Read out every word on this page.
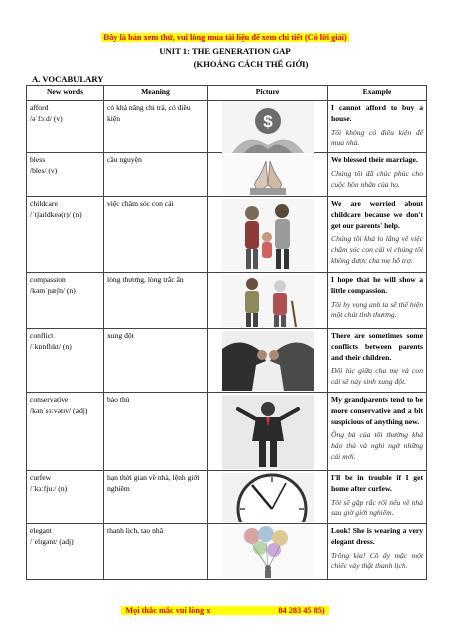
Đây là bản xem thử, vui lòng mua tài liệu để xem chi tiết (Có lời giải)
UNIT 1: THE GENERATION GAP
(KHOẢNG CÁCH THẾ GIỚI)
A. VOCABULARY
New words	Meaning	Picture	Example
afford
/əˈfɔːd/ (v)	có khả năng chi trả, có điều kiện	$	I cannot afford to buy a house.
Tôi không có điều kiện để mua nhà.

bless
/bles/ (v)	cầu nguyện		We blessed their marriage.
Chúng tôi đã chúc phúc cho cuộc hôn nhân của họ.

childcare
/ˈtʃaɪldkeə(r)/ (n)	việc chăm sóc con cái		We are worried about childcare because we don't get our parents' help.
Chúng tôi khá lo lắng về việc chăm sóc con cái vì chúng tôi không được cha mẹ hỗ trợ.

compassion
/kəmˈpæʃn/ (n)	lòng thương, lòng trắc ẩn		I hope that he will show a little compassion.
Tôi hy vọng anh ta sẽ thể hiện một chút tình thương.

conflict
/ˈkɒnflɪkt/ (n)	xung đột		There are sometimes some conflicts between parents and their children.
Đôi lúc giữa cha mẹ và con cái sẽ này sinh xung đột.

conservative
/kənˈsɜːvətɪv/ (adj)	bảo thủ		My grandparents tend to be more conservative and a bit suspicious of anything new.
Ông bà của tôi thường khá bảo thủ và nghi ngờ những cái mới.

curfew
/ˈkɜːfjuː/ (n)	hạn thời gian về nhà, lệnh giới nghiêm		I'll be in trouble if I get home after curfew.
Tôi sẽ gặp rắc rối nếu về nhà sau giờ giới nghiêm.

elegant
/ˈelɪgənt/ (adj)	thanh lịch, tao nhã		Look! She is wearing a very elegant dress.
Trông kìa! Cô ấy mặc một chiếc váy thật thanh lịch.
Mọi thắc mắc vui lòng x	84 283 45 85)
